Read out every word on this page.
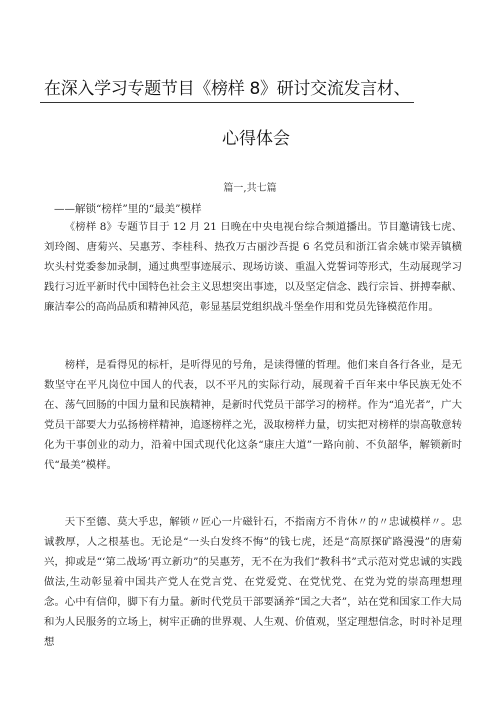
在深入学习专题节目《榜样 8》研讨交流发言材、
心得体会
篇一,共七篇
——解锁“榜样”里的“最美”模样

《榜样 8》专题节目于 12 月 21 日晚在中央电视台综合频道播出。节目邀请钱七虎、刘玲阁、唐菊兴、吴惠芳、李桂科、热孜万古丽沙吾提 6 名党员和浙江省余姚市梁弄镇横坎头村党委参加录制，通过典型事迹展示、现场访谈、重温入党誓词等形式，生动展现学习践行习近平新时代中国特色社会主义思想突出事迹，以及坚定信念、践行宗旨、拼搏奉献、廉洁奉公的高尚品质和精神风范，彰显基层党组织战斗堡垒作用和党员先锋模范作用。

榜样，是看得见的标杆，是听得见的号角，是读得懂的哲理。他们来自各行各业，是无数坚守在平凡岗位中国人的代表，以不平凡的实际行动，展现着千百年来中华民族无处不在、荡气回肠的中国力量和民族精神，是新时代党员干部学习的榜样。作为“追光者”，广大党员干部要大力弘扬榜样精神，追逐榜样之光，汲取榜样力量，切实把对榜样的崇高敬意转化为干事创业的动力，沿着中国式现代化这条“康庄大道”一路向前、不负韶华，解锁新时代“最美”模样。

天下至德、莫大乎忠，解锁〃匠心一片磁针石，不指南方不肯休〃的〃忠诚模样〃。忠诚教厚，人之根基也。无论是“一头白发终不悔”的钱七虎，还是“高原探矿路漫漫”的唐菊兴，抑或是“‘第二战场’再立新功”的吴惠芳，无不在为我们“教科书”式示范对党忠诚的实践做法,生动彰显着中国共产党人在党言党、在党爱党、在党忧党、在党为党的崇高理想理念。心中有信仰，脚下有力量。新时代党员干部要涵养“国之大者”，站在党和国家工作大局和为人民服务的立场上，树牢正确的世界观、人生观、价值观，坚定理想信念，时时补足理想
